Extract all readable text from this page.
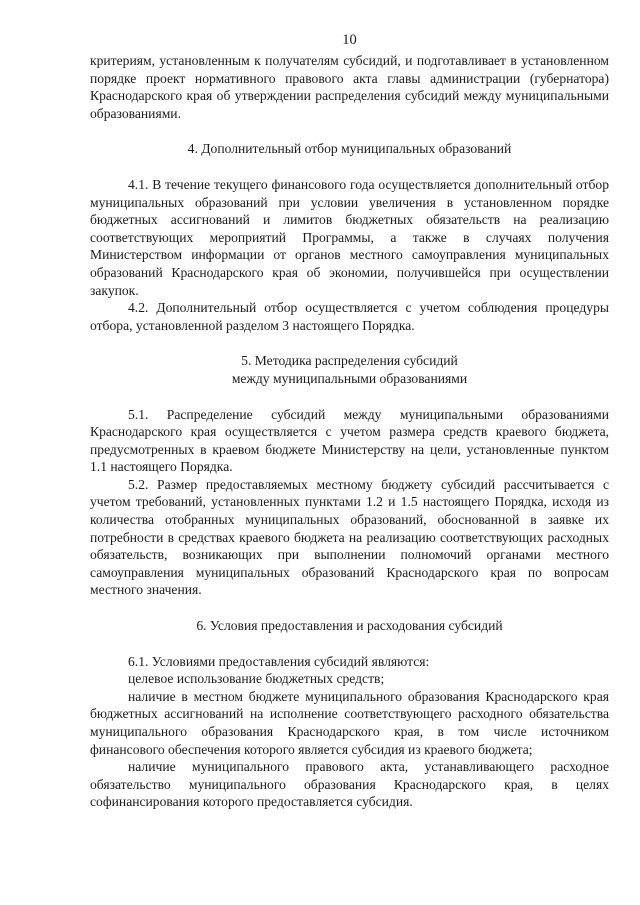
10

критериям, установленным к получателям субсидий, и подготавливает в установленном порядке проект нормативного правового акта главы администрации (губернатора) Краснодарского края об утверждении распределения субсидий между муниципальными образованиями.

4. Дополнительный отбор муниципальных образований

4.1. В течение текущего финансового года осуществляется дополнительный отбор муниципальных образований при условии увеличения в установленном порядке бюджетных ассигнований и лимитов бюджетных обязательств на реализацию соответствующих мероприятий Программы, а также в случаях получения Министерством информации от органов местного самоуправления муниципальных образований Краснодарского края об экономии, получившейся при осуществлении закупок.

4.2. Дополнительный отбор осуществляется с учетом соблюдения процедуры отбора, установленной разделом 3 настоящего Порядка.

5. Методика распределения субсидий

между муниципальными образованиями

5.1. Распределение субсидий между муниципальными образованиями Краснодарского края осуществляется с учетом размера средств краевого бюджета, предусмотренных в краевом бюджете Министерству на цели, установленные пунктом 1.1 настоящего Порядка.

5.2. Размер предоставляемых местному бюджету субсидий рассчитывается с учетом требований, установленных пунктами 1.2 и 1.5 настоящего Порядка, исходя из количества отобранных муниципальных образований, обоснованной в заявке их потребности в средствах краевого бюджета на реализацию соответствующих расходных обязательств, возникающих при выполнении полномочий органами местного самоуправления муниципальных образований Краснодарского края по вопросам местного значения.

6. Условия предоставления и расходования субсидий

6.1. Условиями предоставления субсидий являются:

целевое использование бюджетных средств;

наличие в местном бюджете муниципального образования Краснодарского края бюджетных ассигнований на исполнение соответствующего расходного обязательства муниципального образования Краснодарского края, в том числе источником финансового обеспечения которого является субсидия из краевого бюджета;

наличие муниципального правового акта, устанавливающего расходное обязательство муниципального образования Краснодарского края, в целях софинансирования которого предоставляется субсидия.
